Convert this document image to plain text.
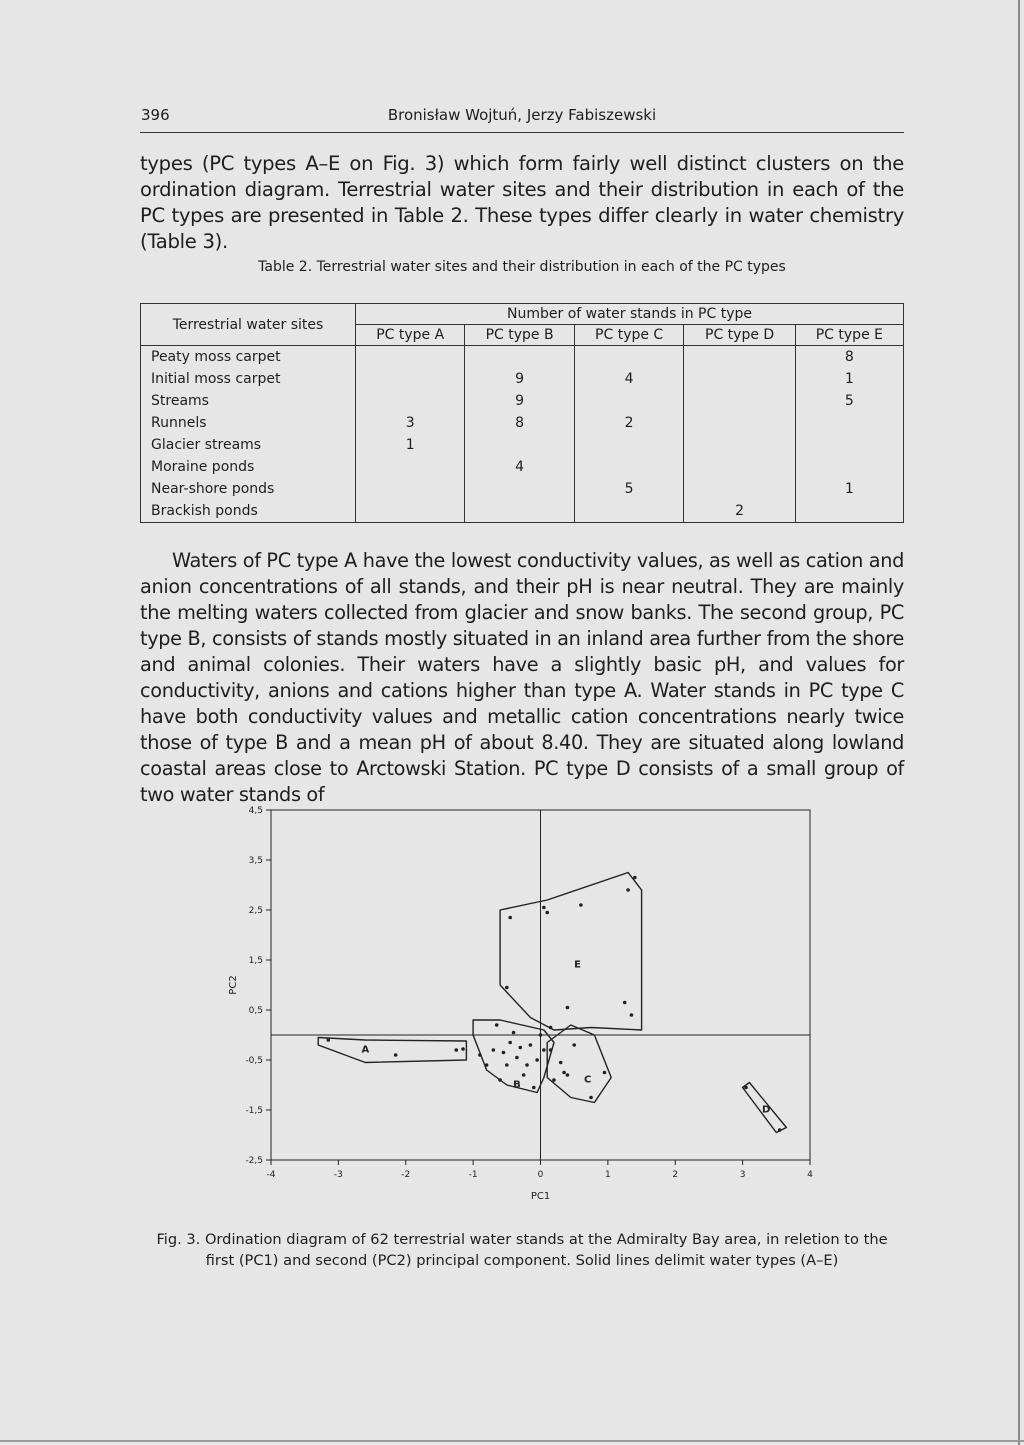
396	Bronisław Wojtuń, Jerzy Fabiszewski

types (PC types A–E on Fig. 3) which form fairly well distinct clusters on the ordination diagram. Terrestrial water sites and their distribution in each of the PC types are presented in Table 2. These types differ clearly in water chemistry (Table 3).

Table 2. Terrestrial water sites and their distribution in each of the PC types
Terrestrial water sites	Number of water stands in PC type				
	PC type A	PC type B	PC type C	PC type D	PC type E
Peaty moss carpet					8
Initial moss carpet		9	4		1
Streams		9			5
Runnels	3	8	2		
Glacier streams	1				
Moraine ponds		4			
Near-shore ponds			5		1
Brackish ponds				2	

Waters of PC type A have the lowest conductivity values, as well as cation and anion concentrations of all stands, and their pH is near neutral. They are mainly the melting waters collected from glacier and snow banks. The second group, PC type B, consists of stands mostly situated in an inland area further from the shore and animal colonies. Their waters have a slightly basic pH, and values for conductivity, anions and cations higher than type A. Water stands in PC type C have both conductivity values and metallic cation concentrations nearly twice those of type B and a mean pH of about 8.40. They are situated along lowland coastal areas close to Arctowski Station. PC type D consists of a small group of two water stands of

-4	-3	-2	-1	0	1	2	3	4
4,5
3,5
2,5
1,5
0,5
-0,5
-1,5
-2,5
PC1
PC2
A
B	C
D
E
Fig. 3. Ordination diagram of 62 terrestrial water stands at the Admiralty Bay area, in reletion to the first (PC1) and second (PC2) principal component. Solid lines delimit water types (A–E)
